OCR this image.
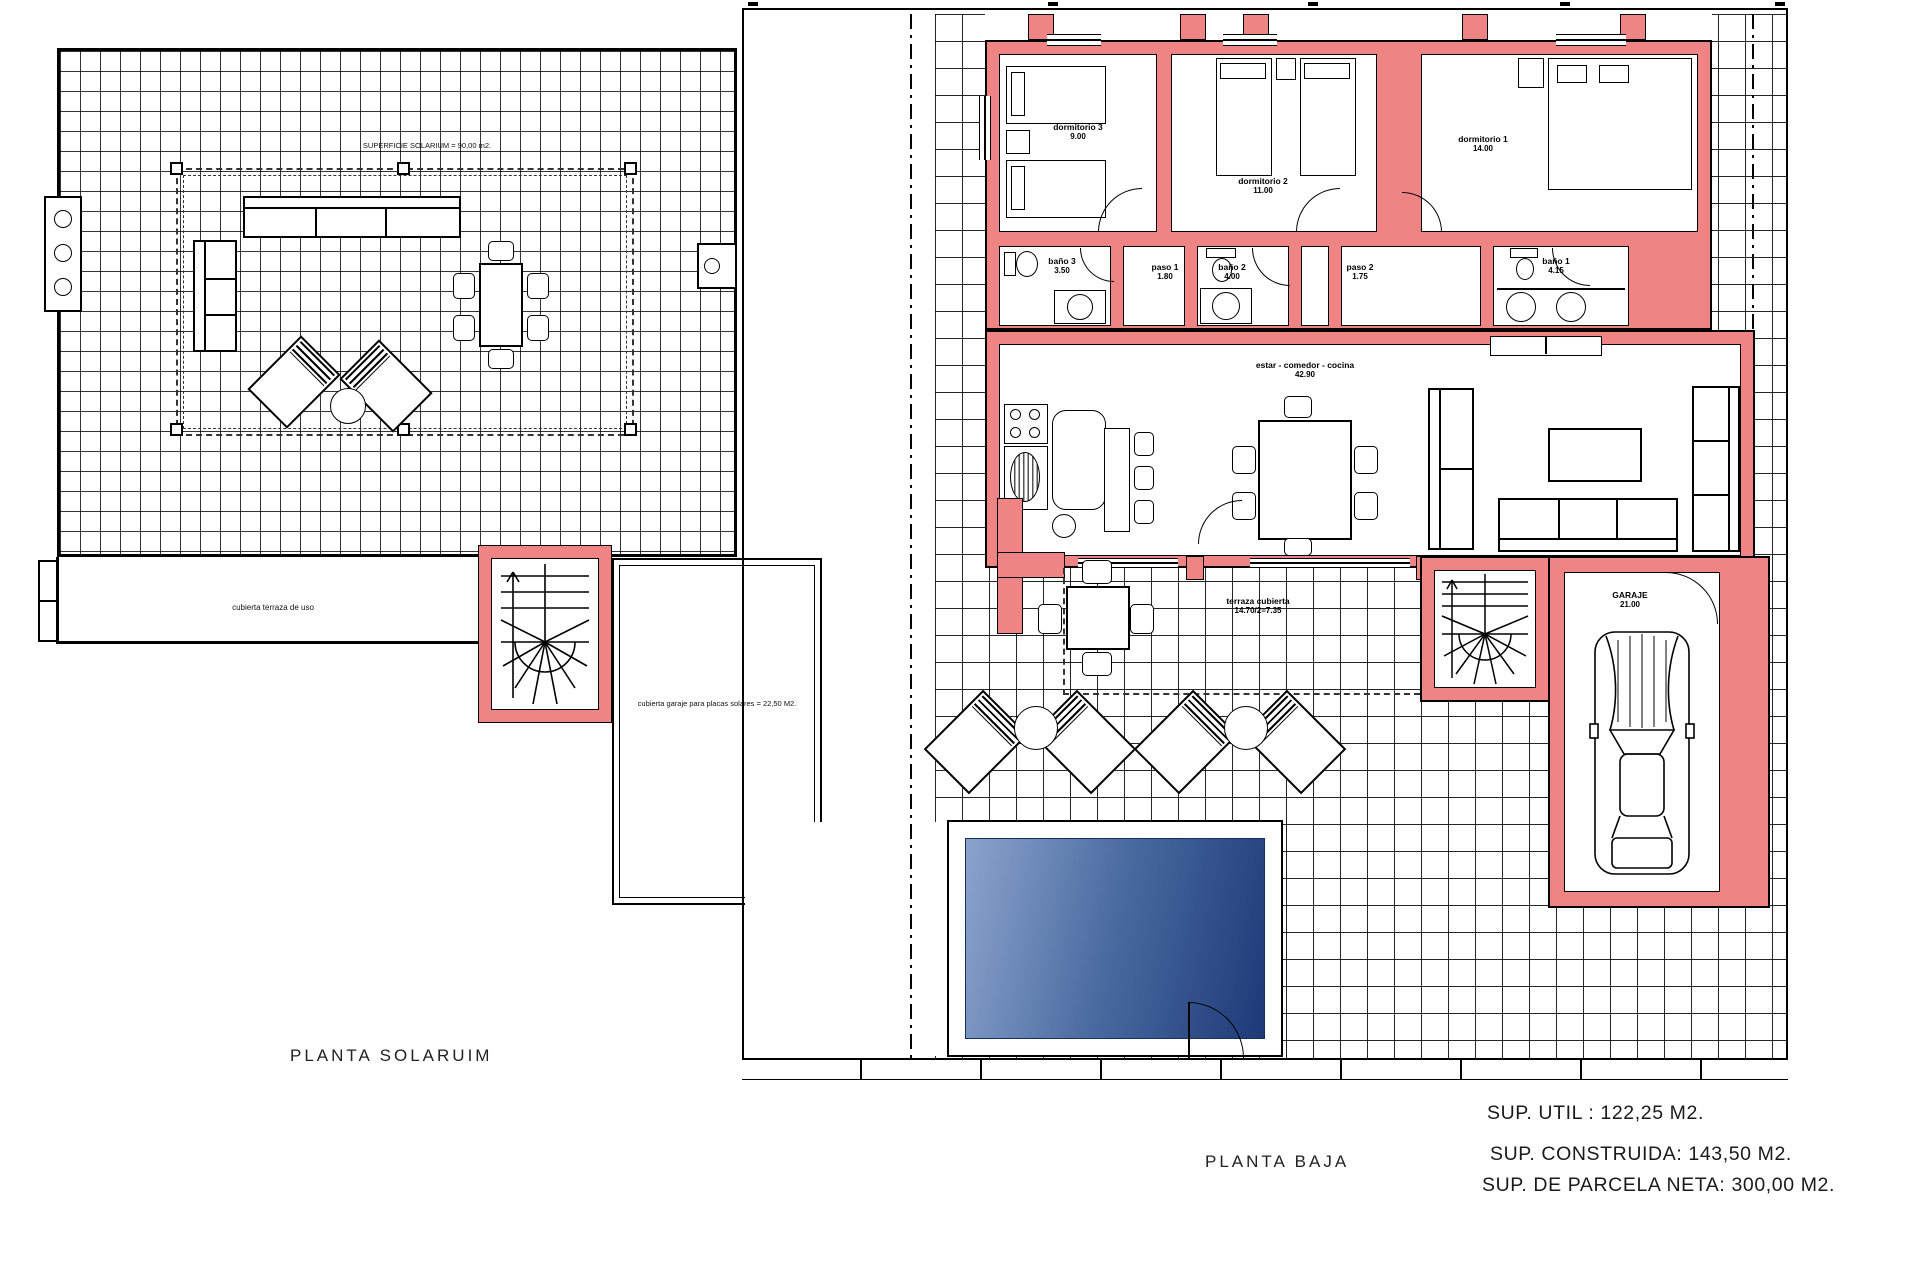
SUPERFICIE SOLARIUM = 90,00 m2.
cubierta terraza de uso
cubierta garaje para placas solares = 22,50 M2.
PLANTA SOLARUIM
dormitorio 3
9.00
dormitorio 2
11.00
dormitorio 1
14.00
baño 3
3.50	paso 1
1.80
baño 2
4.00
paso 2
1.75
baño 1
4.15
estar - comedor - cocina
42.90
terraza cubierta
14.70/2=7.35
GARAJE
21.00
PLANTA BAJA
SUP. UTIL : 122,25 M2.
SUP. CONSTRUIDA: 143,50 M2.
SUP. DE PARCELA NETA: 300,00 M2.
